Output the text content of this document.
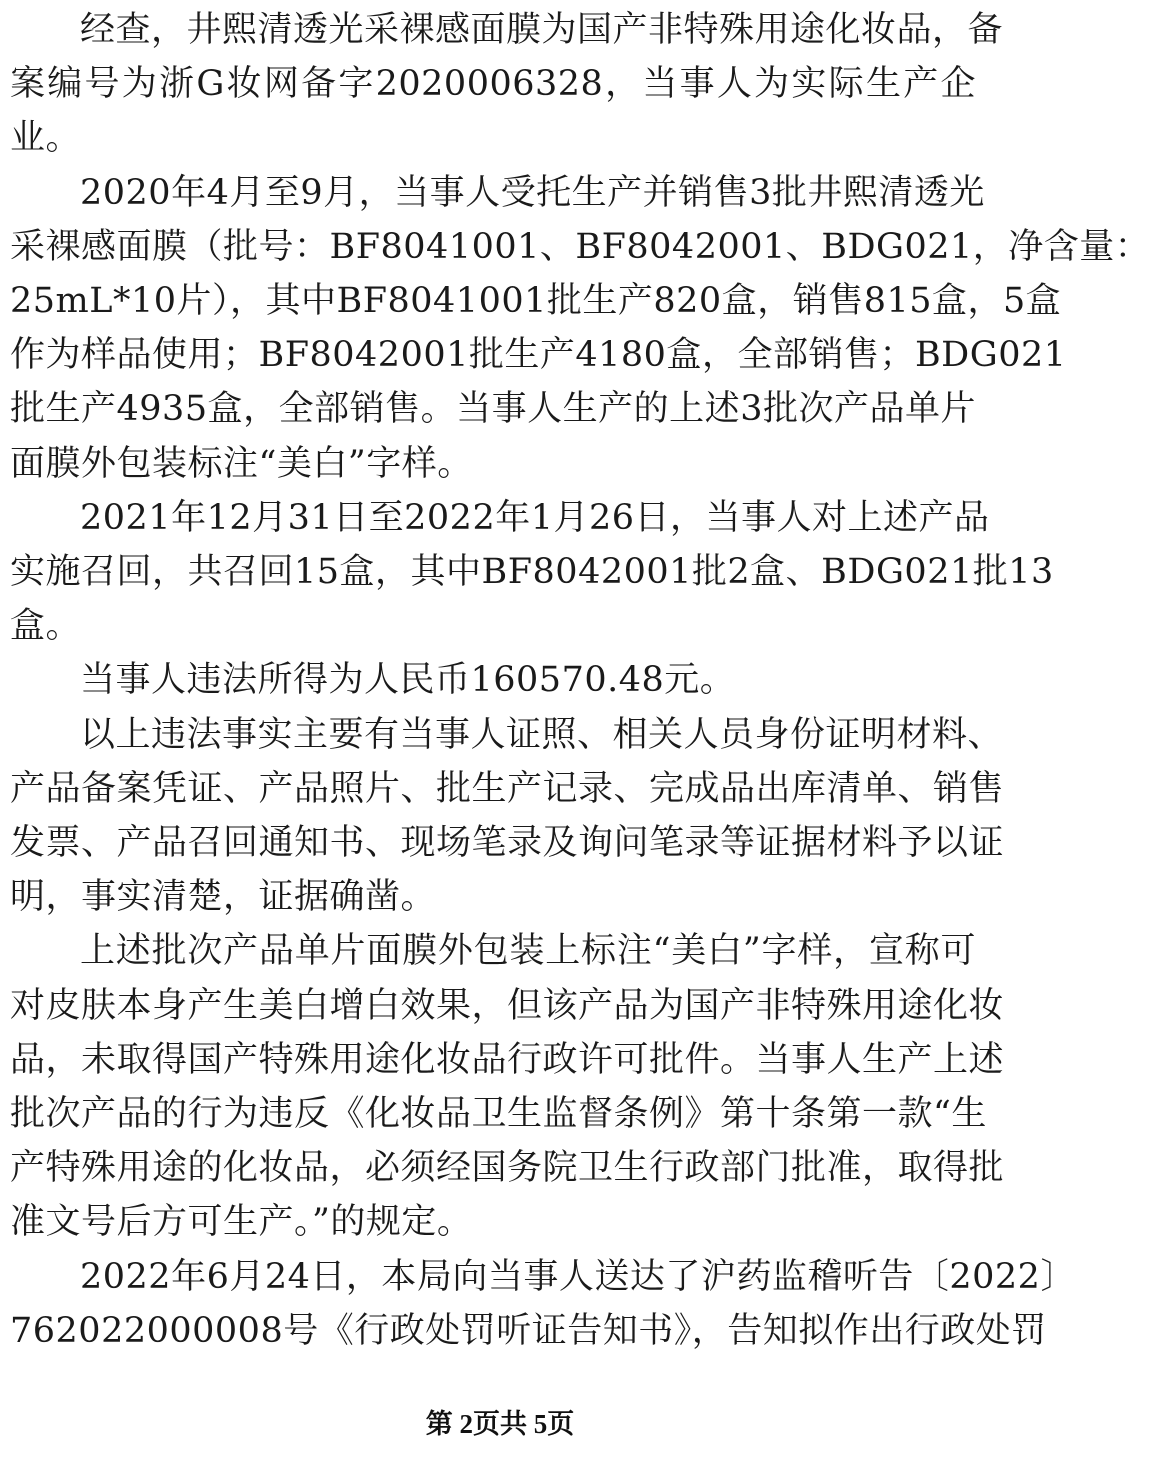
经查，井熙清透光采裸感面膜为国产非特殊用途化妆品，备
案编号为浙G妆网备字2020006328，当事人为实际生产企
业。

2020年4月至9月，当事人受托生产并销售3批井熙清透光
采裸感面膜（批号：BF8041001、BF8042001、BDG021，净含量：
25mL*10片），其中BF8041001批生产820盒，销售815盒，5盒
作为样品使用；BF8042001批生产4180盒，全部销售；BDG021
批生产4935盒，全部销售。当事人生产的上述3批次产品单片
面膜外包装标注“美白”字样。

2021年12月31日至2022年1月26日，当事人对上述产品
实施召回，共召回15盒，其中BF8042001批2盒、BDG021批13
盒。

当事人违法所得为人民币160570.48元。

以上违法事实主要有当事人证照、相关人员身份证明材料、
产品备案凭证、产品照片、批生产记录、完成品出库清单、销售
发票、产品召回通知书、现场笔录及询问笔录等证据材料予以证
明，事实清楚，证据确凿。

上述批次产品单片面膜外包装上标注“美白”字样，宣称可
对皮肤本身产生美白增白效果，但该产品为国产非特殊用途化妆
品，未取得国产特殊用途化妆品行政许可批件。当事人生产上述
批次产品的行为违反《化妆品卫生监督条例》第十条第一款“生
产特殊用途的化妆品，必须经国务院卫生行政部门批准，取得批
准文号后方可生产。”的规定。

2022年6月24日，本局向当事人送达了沪药监稽听告〔2022〕
762022000008号《行政处罚听证告知书》，告知拟作出行政处罚

第 2页共 5页
